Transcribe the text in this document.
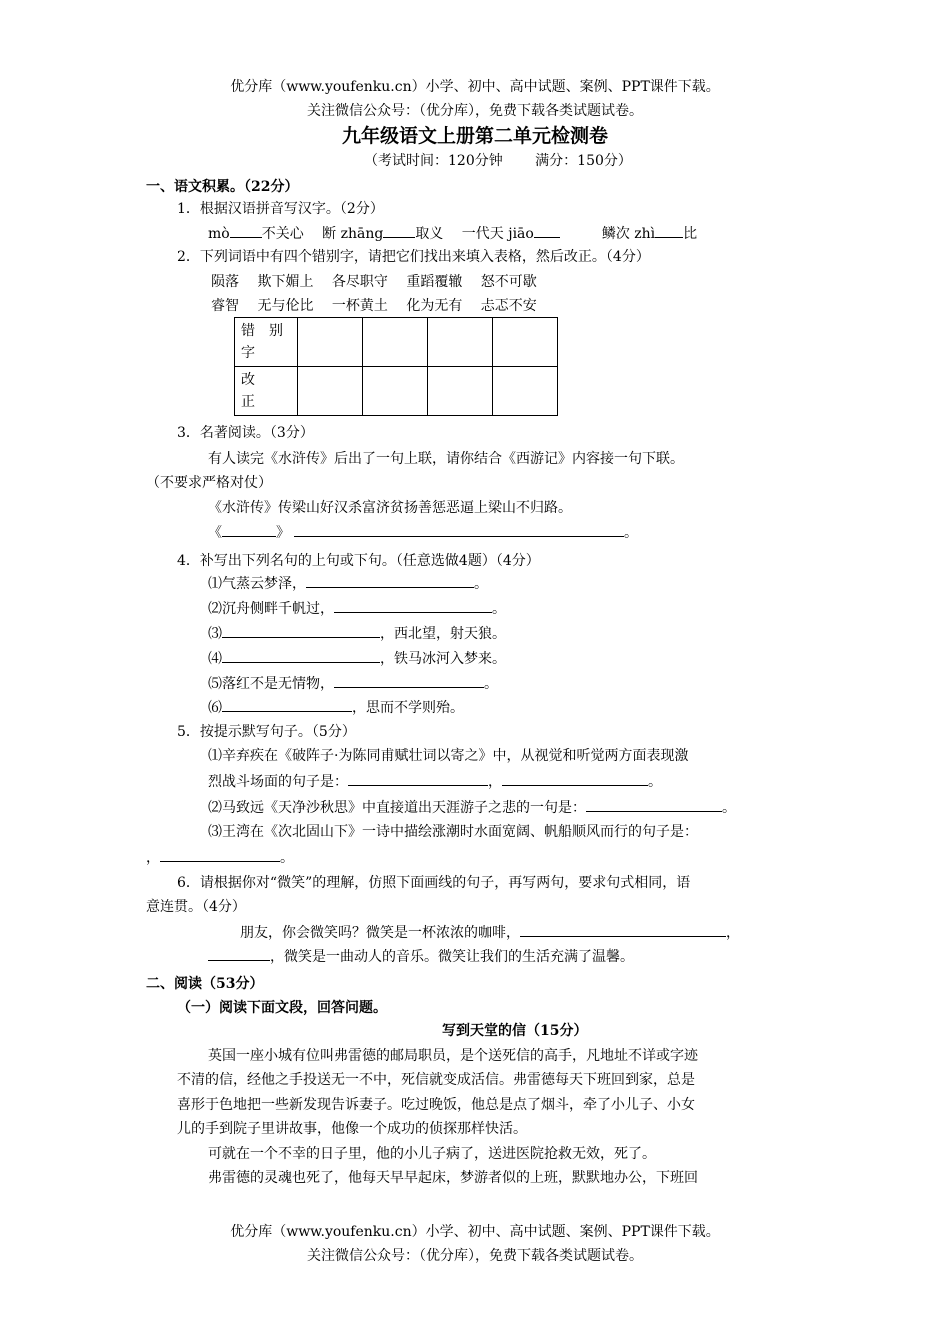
优分库（www.youfenku.cn）小学、初中、高中试题、案例、PPT课件下载。
关注微信公众号：（优分库），免费下载各类试题试卷。
九年级语文上册第二单元检测卷
（考试时间：120分钟　　 满分：150分）
一、语文积累。（22分）
1．根据汉语拼音写汉字。（2分）
mò 不关心　 断 zhāng 取义　 一代天 jiāo	鳞次 zhì 比
2．下列词语中有四个错别字，请把它们找出来填入表格，然后改正。（4分）
陨落　 欺下媚上　 各尽职守　 重蹈覆辙　 怒不可歇
睿智　 无与伦比　 一杯黄土　 化为无有　 忐忑不安
错　别字				
改　　正				
3．名著阅读。（3分）
有人读完《水浒传》后出了一句上联，请你结合《西游记》内容接一句下联。
（不要求严格对仗）
《水浒传》传梁山好汉杀富济贫扬善惩恶逼上梁山不归路。
《	》	。
4．补写出下列名句的上句或下句。（任意选做4题）（4分）
⑴气蒸云梦泽，	。
⑵沉舟侧畔千帆过，	。
⑶	，西北望，射天狼。
⑷	，铁马冰河入梦来。
⑸落红不是无情物，	。
⑹	，思而不学则殆。
5．按提示默写句子。（5分）
⑴辛弃疾在《破阵子·为陈同甫赋壮词以寄之》中，从视觉和听觉两方面表现激
烈战斗场面的句子是：	，	。
⑵马致远《天净沙秋思》中直接道出天涯游子之悲的一句是：	。
⑶王湾在《次北固山下》一诗中描绘涨潮时水面宽阔、帆船顺风而行的句子是：
，	。
6．请根据你对“微笑”的理解，仿照下面画线的句子，再写两句，要求句式相同，语
意连贯。（4分）
朋友，你会微笑吗？微笑是一杯浓浓的咖啡，	，
，微笑是一曲动人的音乐。微笑让我们的生活充满了温馨。
二、阅读（53分）
（一）阅读下面文段，回答问题。
写到天堂的信（15分）
英国一座小城有位叫弗雷德的邮局职员，是个送死信的高手，凡地址不详或字迹
不清的信，经他之手投送无一不中，死信就变成活信。弗雷德每天下班回到家，总是
喜形于色地把一些新发现告诉妻子。吃过晚饭，他总是点了烟斗，牵了小儿子、小女
儿的手到院子里讲故事，他像一个成功的侦探那样快活。
可就在一个不幸的日子里，他的小儿子病了，送进医院抢救无效，死了。
弗雷德的灵魂也死了，他每天早早起床，梦游者似的上班，默默地办公，下班回
优分库（www.youfenku.cn）小学、初中、高中试题、案例、PPT课件下载。
关注微信公众号：（优分库），免费下载各类试题试卷。
